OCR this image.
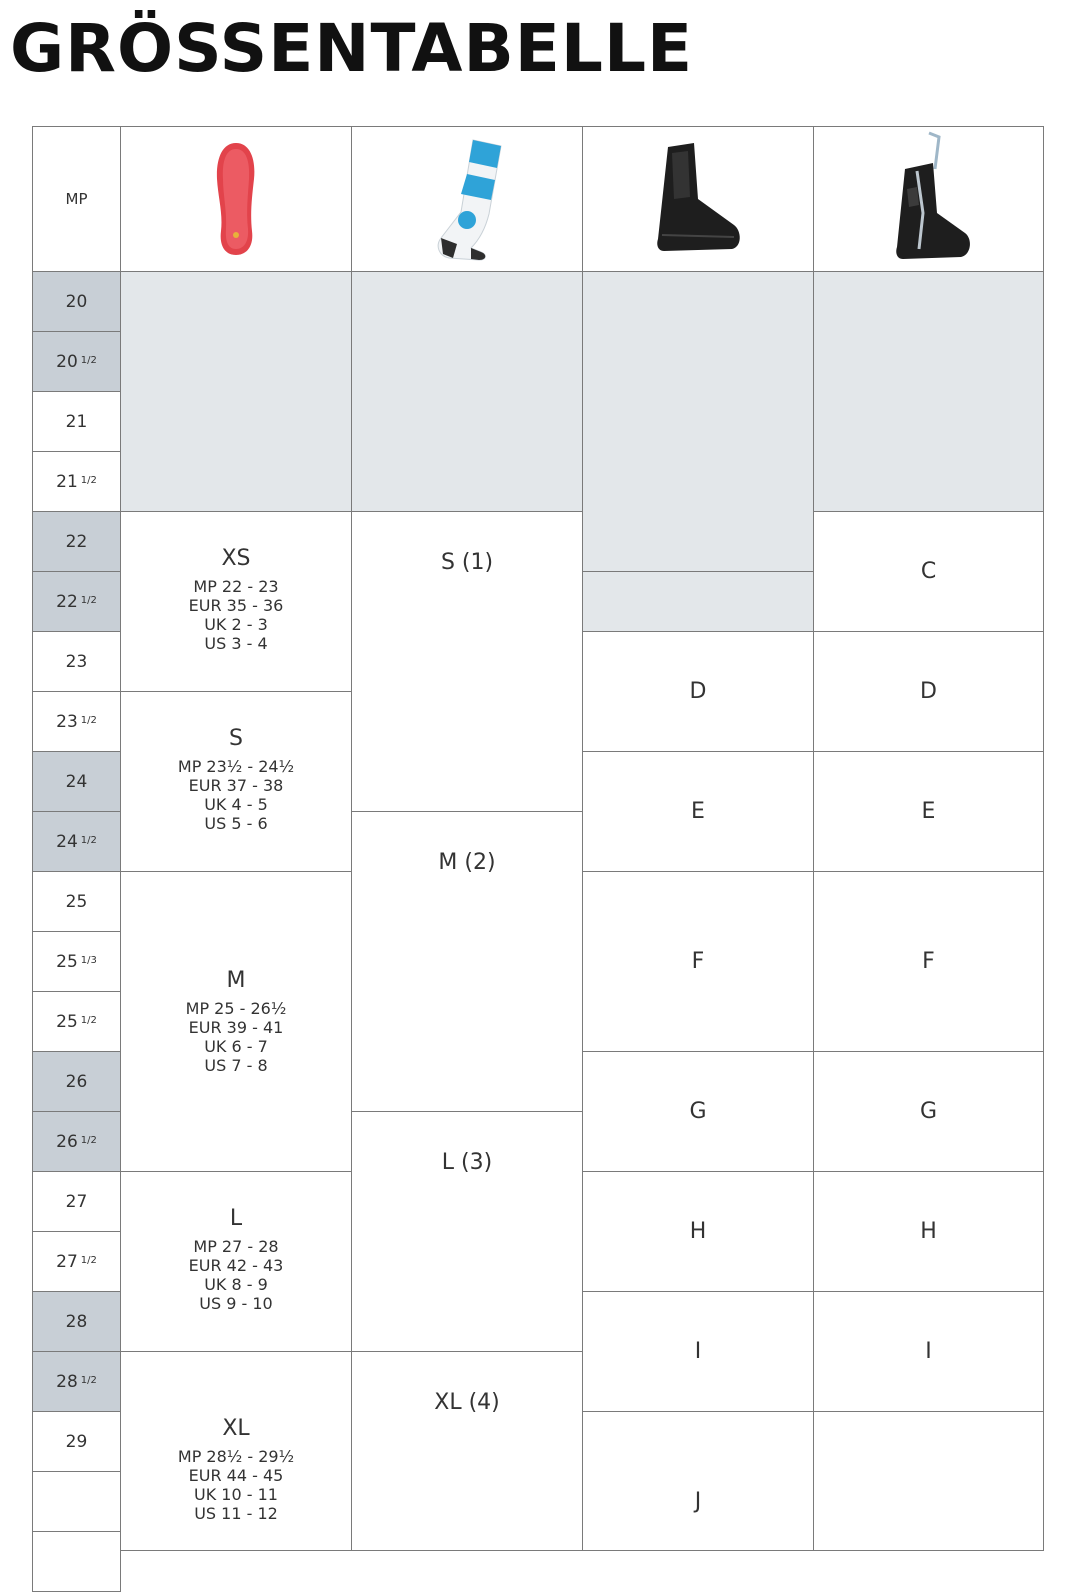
GRÖSSENTABELLE
MP
20
20 $^{1/2}$
21
21 $^{1/2}$
22
22 $^{1/2}$
23
23 $^{1/2}$
24
24 $^{1/2}$
25
25 $^{1/3}$
25 $^{1/2}$
26
26 $^{1/2}$
27
27 $^{1/2}$
28
28 $^{1/2}$
29
XS
MP 22 - 23
EUR 35 - 36
UK 2 - 3
US 3 - 4
S
MP 23½ - 24½
EUR 37 - 38
UK 4 - 5
US 5 - 6
M
MP 25 - 26½
EUR 39 - 41
UK 6 - 7
US 7 - 8
L
MP 27 - 28
EUR 42 - 43
UK 8 - 9
US 9 - 10
XL
MP 28½ - 29½
EUR 44 - 45
UK 10 - 11
US 11 - 12
S (1)
M (2)
L (3)
XL (4)
D
E
F
G
H
I
J
C
D
E
F
G
H
I
